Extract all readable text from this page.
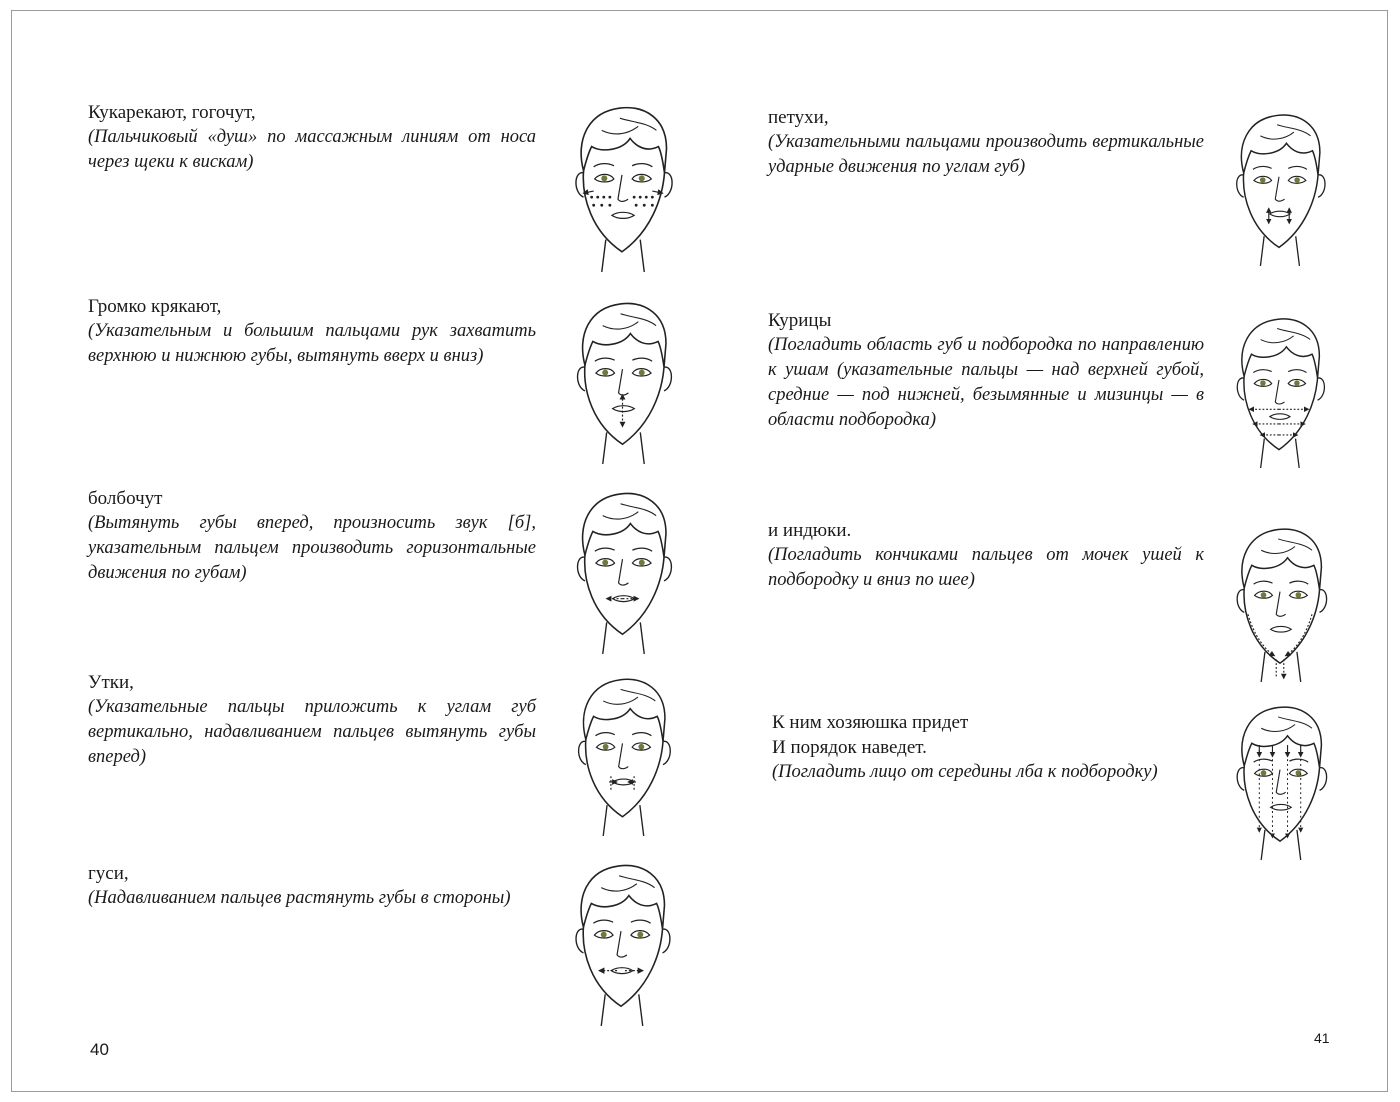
Кукарекают, гогочут,

(Пальчиковый «душ» по массажным линиям от носа через щеки к вискам)

Громко крякают,

(Указательным и большим пальцами рук захватить верхнюю и нижнюю губы, вытянуть вверх и вниз)

болбочут

(Вытянуть губы вперед, произносить звук [б], указательным пальцем производить горизонтальные движения по губам)

Утки,

(Указательные пальцы приложить к углам губ вертикально, надавливанием пальцев вытянуть губы вперед)

гуси,

(Надавливанием пальцев растянуть губы в стороны)

40
петухи,

(Указательными пальцами производить вертикальные ударные движения по углам губ)

Курицы

(Погладить область губ и подбородка по направлению к ушам (указательные пальцы — над верхней губой, средние — под нижней, безымянные и мизинцы — в области подбородка)

и индюки.

(Погладить кончиками пальцев от мочек ушей к подбородку и вниз по шее)

К ним хозяюшка придет
И порядок наведет.

(Погладить лицо от середины лба к подбородку)

41
